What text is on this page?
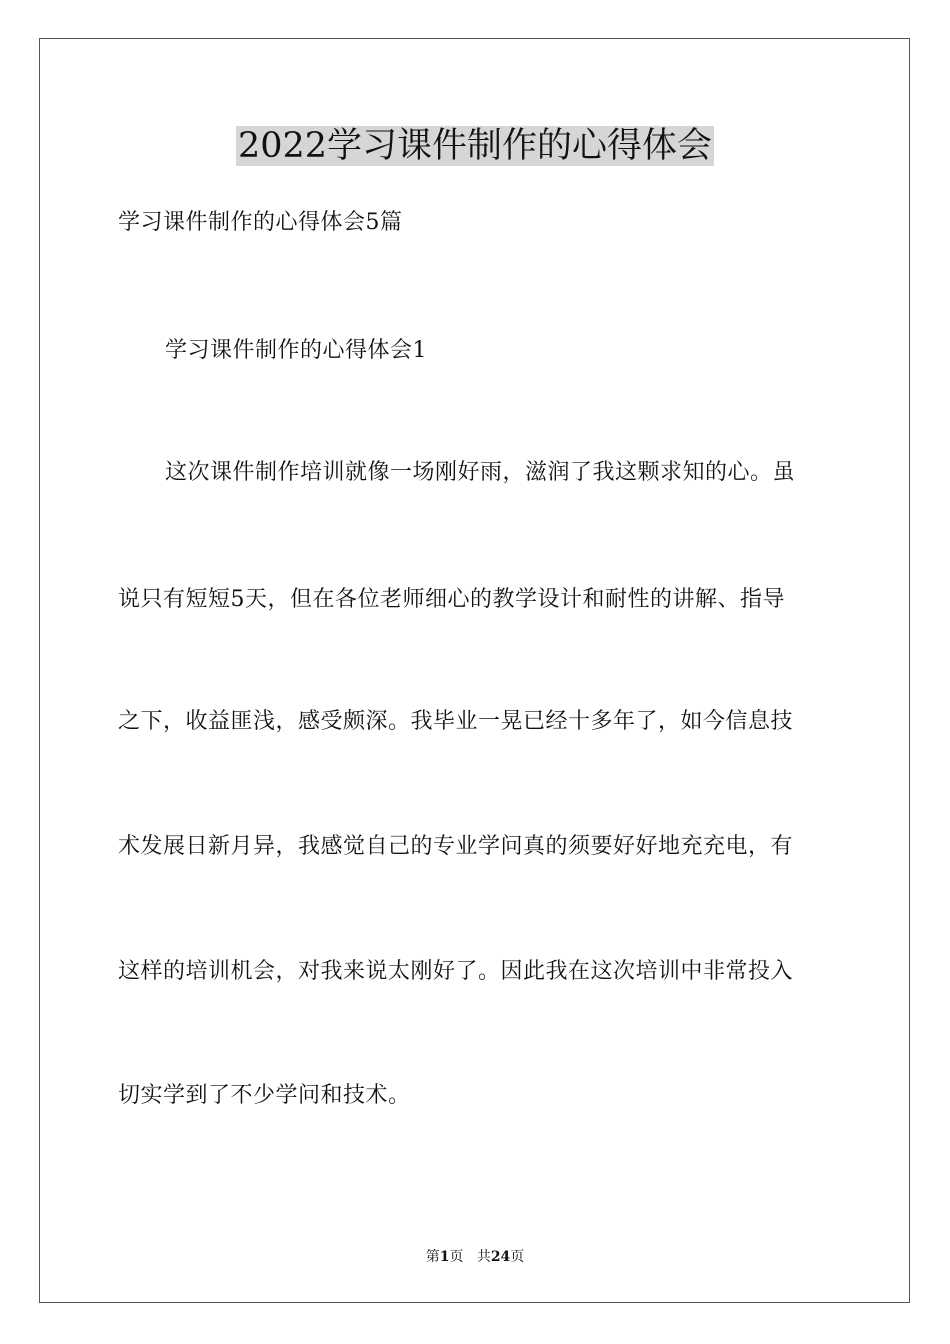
2022学习课件制作的心得体会
学习课件制作的心得体会5篇
学习课件制作的心得体会1
这次课件制作培训就像一场刚好雨，滋润了我这颗求知的心。虽
说只有短短5天，但在各位老师细心的教学设计和耐性的讲解、指导
之下，收益匪浅，感受颇深。我毕业一晃已经十多年了，如今信息技
术发展日新月异，我感觉自己的专业学问真的须要好好地充充电，有
这样的培训机会，对我来说太刚好了。因此我在这次培训中非常投入
切实学到了不少学问和技术。
第1页 共24页
